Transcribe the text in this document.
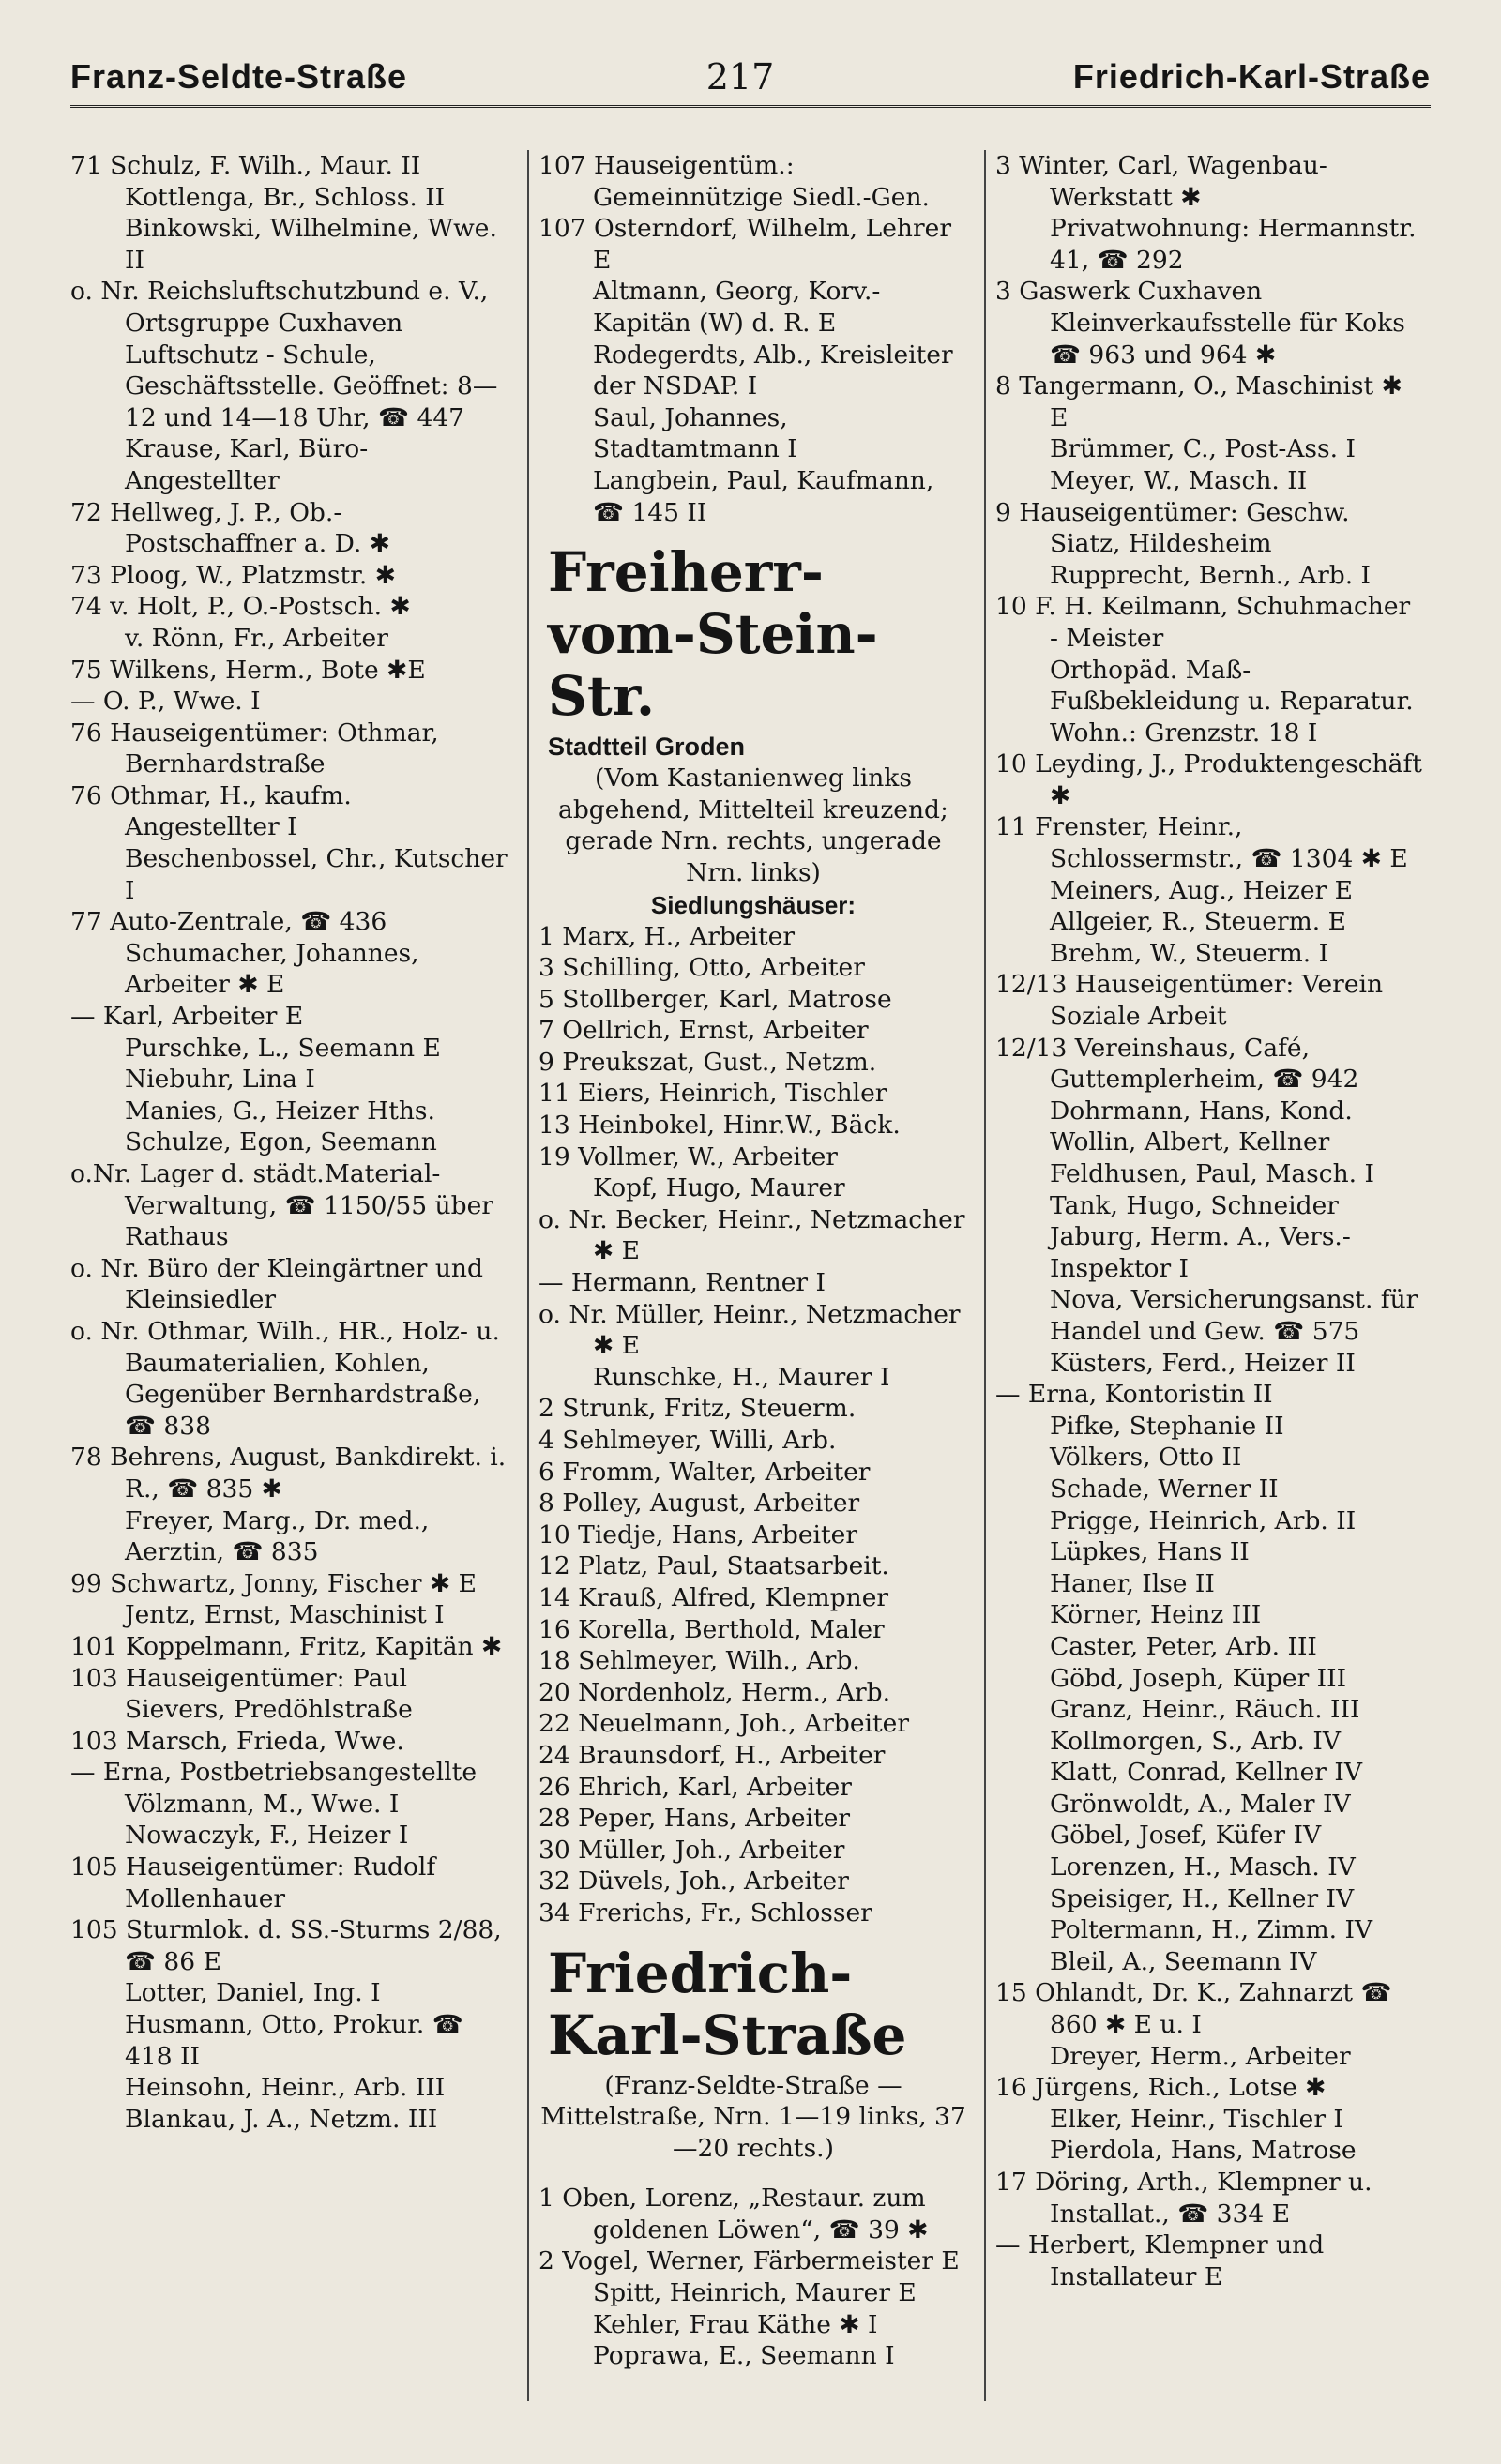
Franz-Seldte-Straße	217	Friedrich-Karl-Straße
71 Schulz, F. Wilh., Maur. II
Kottlenga, Br., Schloss. II
Binkowski, Wilhelmine, Wwe. II
o. Nr. Reichsluftschutzbund e. V., Ortsgruppe Cuxhaven
Luftschutz - Schule, Geschäftsstelle. Geöffnet: 8—12 und 14—18 Uhr, ☎ 447
Krause, Karl, Büro-Angestellter
72 Hellweg, J. P., Ob.-Postschaffner a. D. ✱
73 Ploog, W., Platzmstr. ✱
74 v. Holt, P., O.-Postsch. ✱
v. Rönn, Fr., Arbeiter
75 Wilkens, Herm., Bote ✱E
— O. P., Wwe. I
76 Hauseigentümer: Othmar, Bernhardstraße
76 Othmar, H., kaufm. Angestellter I
Beschenbossel, Chr., Kutscher I
77 Auto-Zentrale, ☎ 436
Schumacher, Johannes, Arbeiter ✱ E
— Karl, Arbeiter E
Purschke, L., Seemann E
Niebuhr, Lina I
Manies, G., Heizer Hths.
Schulze, Egon, Seemann
o.Nr. Lager d. städt.Material-Verwaltung, ☎ 1150/55 über Rathaus
o. Nr. Büro der Kleingärtner und Kleinsiedler
o. Nr. Othmar, Wilh., HR., Holz- u. Baumaterialien, Kohlen, Gegenüber Bernhardstraße, ☎ 838
78 Behrens, August, Bankdirekt. i. R., ☎ 835 ✱
Freyer, Marg., Dr. med., Aerztin, ☎ 835
99 Schwartz, Jonny, Fischer ✱ E
Jentz, Ernst, Maschinist I
101 Koppelmann, Fritz, Kapitän ✱
103 Hauseigentümer: Paul Sievers, Predöhlstraße
103 Marsch, Frieda, Wwe.
— Erna, Postbetriebsangestellte
Völzmann, M., Wwe. I
Nowaczyk, F., Heizer I
105 Hauseigentümer: Rudolf Mollenhauer
105 Sturmlok. d. SS.-Sturms 2/88, ☎ 86 E
Lotter, Daniel, Ing. I
Husmann, Otto, Prokur. ☎ 418 II
Heinsohn, Heinr., Arb. III
Blankau, J. A., Netzm. III
107 Hauseigentüm.: Gemeinnützige Siedl.-Gen.
107 Osterndorf, Wilhelm, Lehrer E
Altmann, Georg, Korv.-Kapitän (W) d. R. E
Rodegerdts, Alb., Kreisleiter der NSDAP. I
Saul, Johannes, Stadtamtmann I
Langbein, Paul, Kaufmann, ☎ 145 II
Freiherr-vom-Stein-Str.
Stadtteil Groden
(Vom Kastanienweg links abgehend, Mittelteil kreuzend; gerade Nrn. rechts, ungerade Nrn. links)
Siedlungshäuser:
1 Marx, H., Arbeiter
3 Schilling, Otto, Arbeiter
5 Stollberger, Karl, Matrose
7 Oellrich, Ernst, Arbeiter
9 Preukszat, Gust., Netzm.
11 Eiers, Heinrich, Tischler
13 Heinbokel, Hinr.W., Bäck.
19 Vollmer, W., Arbeiter
Kopf, Hugo, Maurer
o. Nr. Becker, Heinr., Netzmacher ✱ E
— Hermann, Rentner I
o. Nr. Müller, Heinr., Netzmacher ✱ E
Runschke, H., Maurer I
2 Strunk, Fritz, Steuerm.
4 Sehlmeyer, Willi, Arb.
6 Fromm, Walter, Arbeiter
8 Polley, August, Arbeiter
10 Tiedje, Hans, Arbeiter
12 Platz, Paul, Staatsarbeit.
14 Krauß, Alfred, Klempner
16 Korella, Berthold, Maler
18 Sehlmeyer, Wilh., Arb.
20 Nordenholz, Herm., Arb.
22 Neuelmann, Joh., Arbeiter
24 Braunsdorf, H., Arbeiter
26 Ehrich, Karl, Arbeiter
28 Peper, Hans, Arbeiter
30 Müller, Joh., Arbeiter
32 Düvels, Joh., Arbeiter
34 Frerichs, Fr., Schlosser
Friedrich-Karl-Straße
(Franz-Seldte-Straße — Mittelstraße, Nrn. 1—19 links, 37—20 rechts.)
1 Oben, Lorenz, „Restaur. zum goldenen Löwen“, ☎ 39 ✱
2 Vogel, Werner, Färbermeister E
Spitt, Heinrich, Maurer E
Kehler, Frau Käthe ✱ I
Poprawa, E., Seemann I
3 Winter, Carl, Wagenbau-Werkstatt ✱
Privatwohnung: Hermannstr. 41, ☎ 292
3 Gaswerk Cuxhaven Kleinverkaufsstelle für Koks ☎ 963 und 964 ✱
8 Tangermann, O., Maschinist ✱ E
Brümmer, C., Post-Ass. I
Meyer, W., Masch. II
9 Hauseigentümer: Geschw. Siatz, Hildesheim
Rupprecht, Bernh., Arb. I
10 F. H. Keilmann, Schuhmacher - Meister
Orthopäd. Maß-Fußbekleidung u. Reparatur. Wohn.: Grenzstr. 18 I
10 Leyding, J., Produktengeschäft ✱
11 Frenster, Heinr., Schlossermstr., ☎ 1304 ✱ E
Meiners, Aug., Heizer E
Allgeier, R., Steuerm. E
Brehm, W., Steuerm. I
12/13 Hauseigentümer: Verein Soziale Arbeit
12/13 Vereinshaus, Café, Guttemplerheim, ☎ 942
Dohrmann, Hans, Kond.
Wollin, Albert, Kellner
Feldhusen, Paul, Masch. I
Tank, Hugo, Schneider
Jaburg, Herm. A., Vers.-Inspektor I
Nova, Versicherungsanst. für Handel und Gew. ☎ 575
Küsters, Ferd., Heizer II
— Erna, Kontoristin II
Pifke, Stephanie II
Völkers, Otto II
Schade, Werner II
Prigge, Heinrich, Arb. II
Lüpkes, Hans II
Haner, Ilse II
Körner, Heinz III
Caster, Peter, Arb. III
Göbd, Joseph, Küper III
Granz, Heinr., Räuch. III
Kollmorgen, S., Arb. IV
Klatt, Conrad, Kellner IV
Grönwoldt, A., Maler IV
Göbel, Josef, Küfer IV
Lorenzen, H., Masch. IV
Speisiger, H., Kellner IV
Poltermann, H., Zimm. IV
Bleil, A., Seemann IV
15 Ohlandt, Dr. K., Zahnarzt ☎ 860 ✱ E u. I
Dreyer, Herm., Arbeiter
16 Jürgens, Rich., Lotse ✱
Elker, Heinr., Tischler I
Pierdola, Hans, Matrose
17 Döring, Arth., Klempner u. Installat., ☎ 334 E
— Herbert, Klempner und Installateur E
